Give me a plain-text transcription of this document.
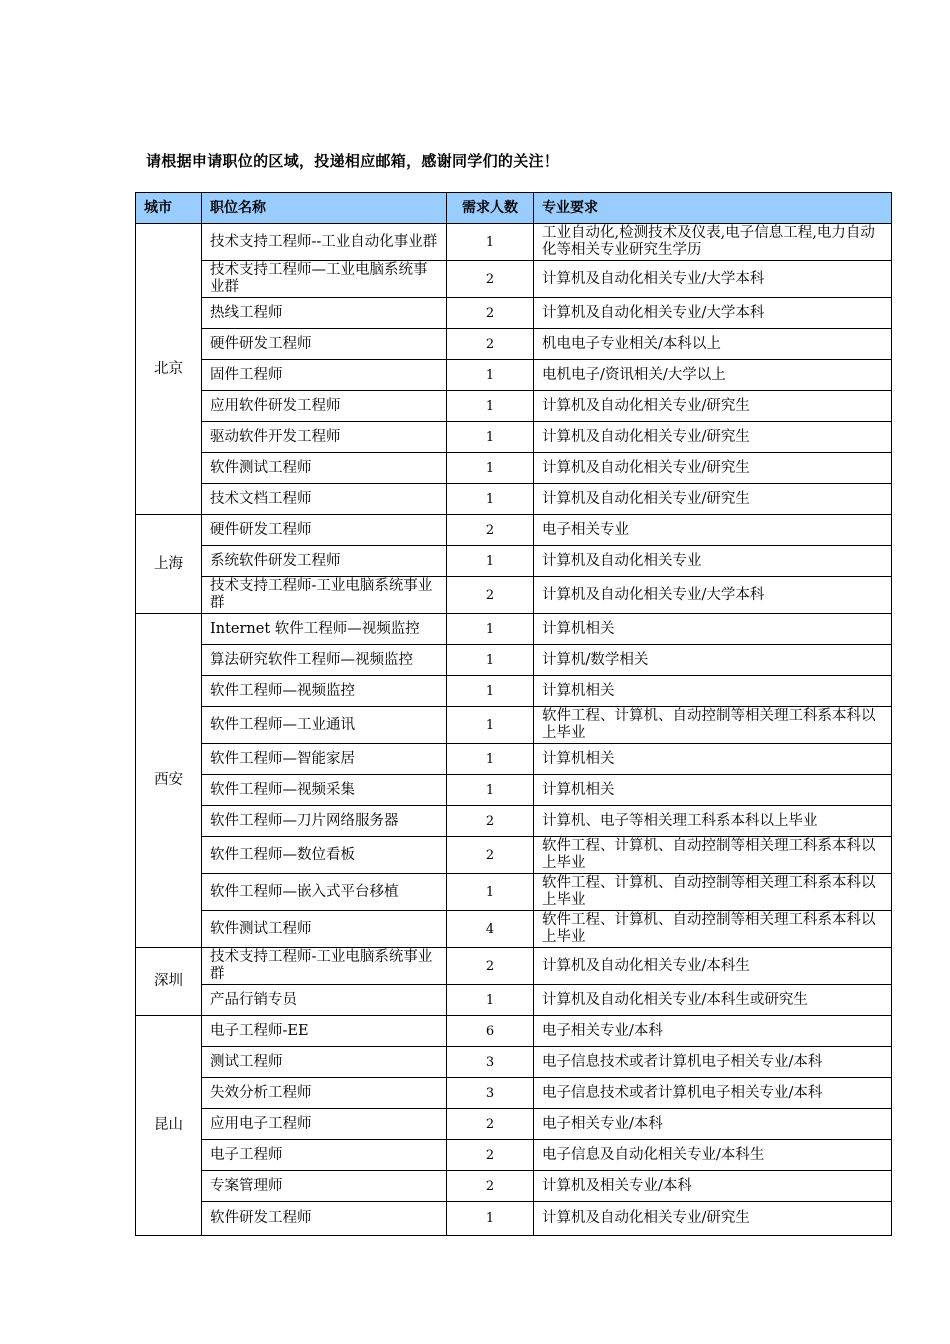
请根据申请职位的区域，投递相应邮箱，感谢同学们的关注！
城市	职位名称	需求人数	专业要求
北京	技术支持工程师--工业自动化事业群	1	工业自动化,检测技术及仪表,电子信息工程,电力自动化等相关专业研究生学历
	技术支持工程师—工业电脑系统事业群	2	计算机及自动化相关专业/大学本科
	热线工程师	2	计算机及自动化相关专业/大学本科
	硬件研发工程师	2	机电电子专业相关/本科以上
	固件工程师	1	电机电子/资讯相关/大学以上
	应用软件研发工程师	1	计算机及自动化相关专业/研究生
	驱动软件开发工程师	1	计算机及自动化相关专业/研究生
	软件测试工程师	1	计算机及自动化相关专业/研究生
	技术文档工程师	1	计算机及自动化相关专业/研究生
上海	硬件研发工程师	2	电子相关专业
	系统软件研发工程师	1	计算机及自动化相关专业
	技术支持工程师-工业电脑系统事业群	2	计算机及自动化相关专业/大学本科
西安	Internet 软件工程师—视频监控	1	计算机相关
	算法研究软件工程师—视频监控	1	计算机/数学相关
	软件工程师—视频监控	1	计算机相关
	软件工程师—工业通讯	1	软件工程、计算机、自动控制等相关理工科系本科以上毕业
	软件工程师—智能家居	1	计算机相关
	软件工程师—视频采集	1	计算机相关
	软件工程师—刀片网络服务器	2	计算机、电子等相关理工科系本科以上毕业
	软件工程师—数位看板	2	软件工程、计算机、自动控制等相关理工科系本科以上毕业
	软件工程师—嵌入式平台移植	1	软件工程、计算机、自动控制等相关理工科系本科以上毕业
	软件测试工程师	4	软件工程、计算机、自动控制等相关理工科系本科以上毕业
深圳	技术支持工程师-工业电脑系统事业群	2	计算机及自动化相关专业/本科生
	产品行销专员	1	计算机及自动化相关专业/本科生或研究生
昆山	电子工程师-EE	6	电子相关专业/本科
	测试工程师	3	电子信息技术或者计算机电子相关专业/本科
	失效分析工程师	3	电子信息技术或者计算机电子相关专业/本科
	应用电子工程师	2	电子相关专业/本科
	电子工程师	2	电子信息及自动化相关专业/本科生
	专案管理师	2	计算机及相关专业/本科
	软件研发工程师	1	计算机及自动化相关专业/研究生
